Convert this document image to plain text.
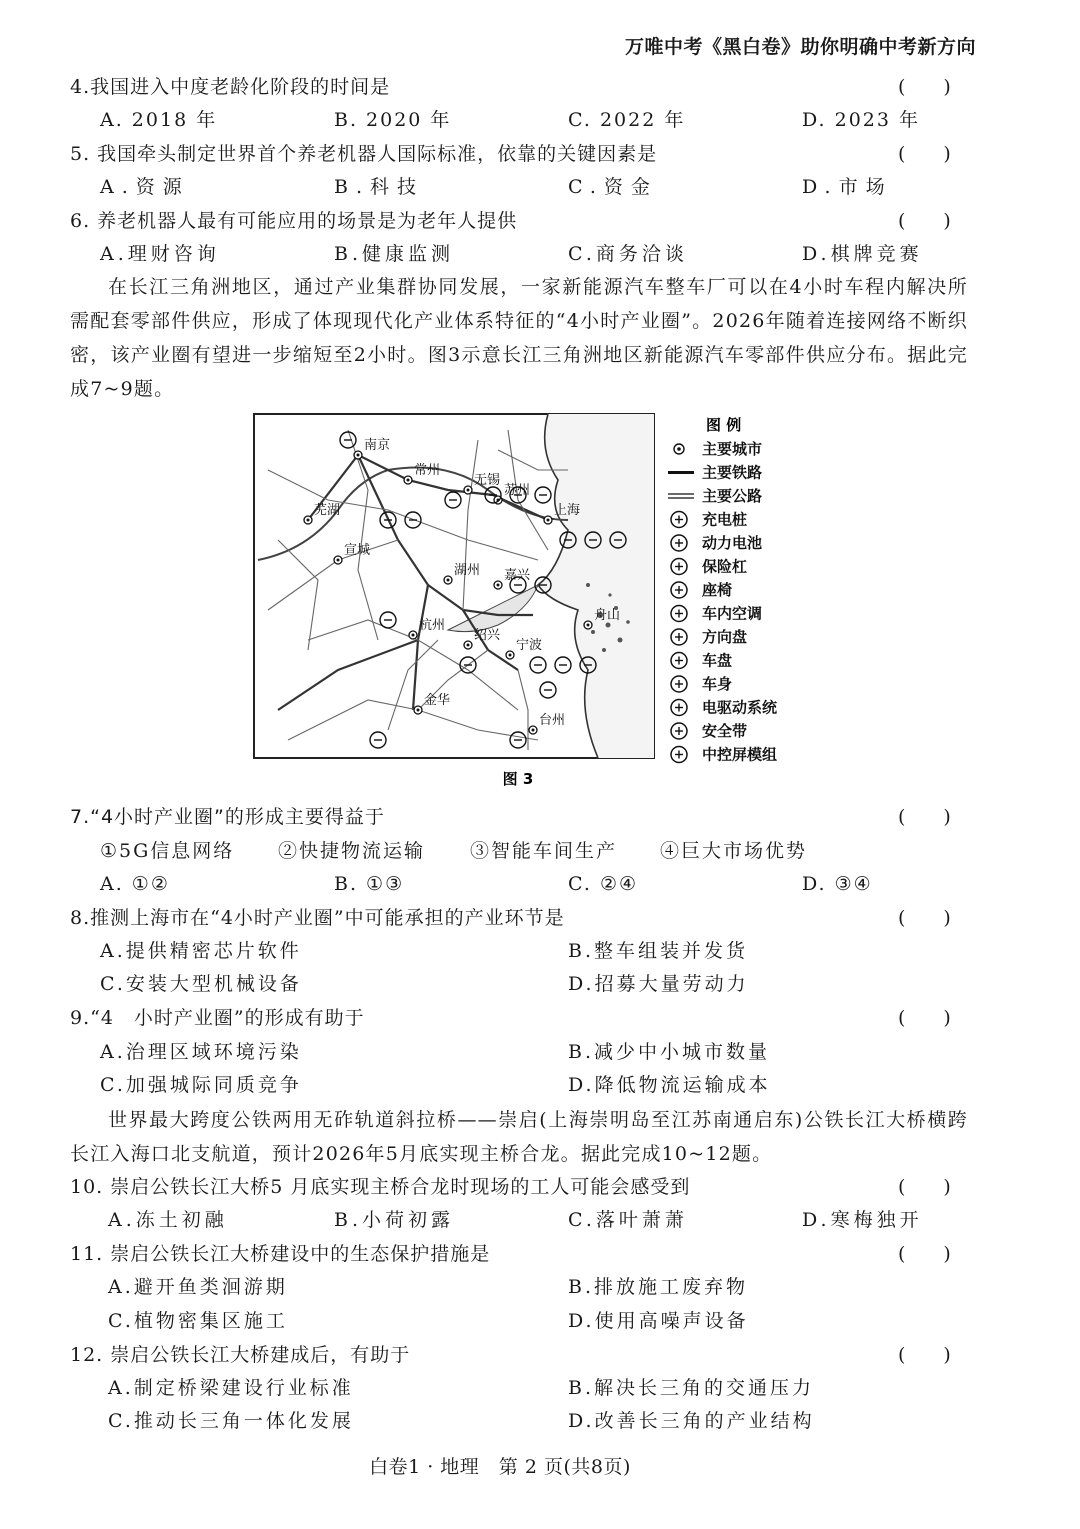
万唯中考《黑白卷》助你明确中考新方向
4.我国进入中度老龄化阶段的时间是	( )
A. 2018 年	B. 2020 年	C. 2022 年	D. 2023 年
5. 我国牵头制定世界首个养老机器人国际标准，依靠的关键因素是	( )
A.资源	B.科技	C.资金	D.市场
6. 养老机器人最有可能应用的场景是为老年人提供	( )
A.理财咨询	B.健康监测	C.商务洽谈	D.棋牌竞赛

在长江三角洲地区，通过产业集群协同发展，一家新能源汽车整车厂可以在4小时车程内解决所需配套零部件供应，形成了体现现代化产业体系特征的“4小时产业圈”。2026年随着连接网络不断织密，该产业圈有望进一步缩短至2小时。图3示意长江三角洲地区新能源汽车零部件供应分布。据此完成7~9题。

南京
常州
无锡
苏州
上海
芜湖
宣城
湖州 嘉兴
杭州
绍兴
宁波
舟山
金华
台州
图 例
主要城市
主要铁路
主要公路
充电桩
动力电池
保险杠
座椅
车内空调
方向盘
车盘
车身
电驱动系统
安全带
中控屏模组
图 3
7.“4小时产业圈”的形成主要得益于	( )
①5G信息网络 ②快捷物流运输 ③智能车间生产 ④巨大市场优势
A. ①②	B. ①③	C. ②④	D. ③④
8.推测上海市在“4小时产业圈”中可能承担的产业环节是	( )
A.提供精密芯片软件	B.整车组装并发货
C.安装大型机械设备	D.招募大量劳动力
9.“4　小时产业圈”的形成有助于	( )
A.治理区域环境污染	B.减少中小城市数量
C.加强城际同质竞争	D.降低物流运输成本

世界最大跨度公铁两用无砟轨道斜拉桥——崇启(上海崇明岛至江苏南通启东)公铁长江大桥横跨长江入海口北支航道，预计2026年5月底实现主桥合龙。据此完成10~12题。

10. 崇启公铁长江大桥5 月底实现主桥合龙时现场的工人可能会感受到	( )
A.冻土初融	B.小荷初露	C.落叶萧萧	D.寒梅独开
11. 崇启公铁长江大桥建设中的生态保护措施是	( )
A.避开鱼类洄游期	B.排放施工废弃物
C.植物密集区施工	D.使用高噪声设备
12. 崇启公铁长江大桥建成后，有助于	( )
A.制定桥梁建设行业标准	B.解决长三角的交通压力
C.推动长三角一体化发展	D.改善长三角的产业结构
白卷1 · 地理　第 2 页(共8页)
